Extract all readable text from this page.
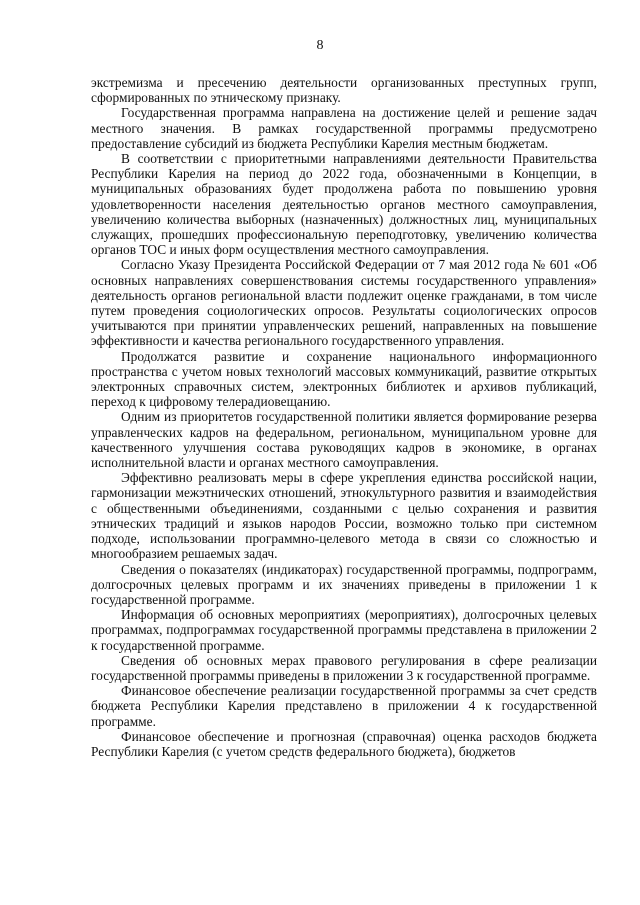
8

экстремизма и пресечению деятельности организованных преступных групп, сформированных по этническому признаку.

Государственная программа направлена на достижение целей и решение задач местного значения. В рамках государственной программы предусмотрено предоставление субсидий из бюджета Республики Карелия местным бюджетам.

В соответствии с приоритетными направлениями деятельности Правительства Республики Карелия на период до 2022 года, обозначенными в Концепции, в муниципальных образованиях будет продолжена работа по повышению уровня удовлетворенности населения деятельностью органов местного самоуправления, увеличению количества выборных (назначенных) должностных лиц, муниципальных служащих, прошедших профессиональную переподготовку, увеличению количества органов ТОС и иных форм осуществления местного самоуправления.

Согласно Указу Президента Российской Федерации от 7 мая 2012 года № 601 «Об основных направлениях совершенствования системы государственного управления» деятельность органов региональной власти подлежит оценке гражданами, в том числе путем проведения социологических опросов. Результаты социологических опросов учитываются при принятии управленческих решений, направленных на повышение эффективности и качества регионального государственного управления.

Продолжатся развитие и сохранение национального информационного пространства с учетом новых технологий массовых коммуникаций, развитие открытых электронных справочных систем, электронных библиотек и архивов публикаций, переход к цифровому телерадиовещанию.

Одним из приоритетов государственной политики является формирование резерва управленческих кадров на федеральном, региональном, муниципальном уровне для качественного улучшения состава руководящих кадров в экономике, в органах исполнительной власти и органах местного самоуправления.

Эффективно реализовать меры в сфере укрепления единства российской нации, гармонизации межэтнических отношений, этнокультурного развития и взаимодействия с общественными объединениями, созданными с целью сохранения и развития этнических традиций и языков народов России, возможно только при системном подходе, использовании программно-целевого метода в связи со сложностью и многообразием решаемых задач.

Сведения о показателях (индикаторах) государственной программы, подпрограмм, долгосрочных целевых программ и их значениях приведены в приложении 1 к государственной программе.

Информация об основных мероприятиях (мероприятиях), долгосрочных целевых программах, подпрограммах государственной программы представлена в приложении 2 к государственной программе.

Сведения об основных мерах правового регулирования в сфере реализации государственной программы приведены в приложении 3 к государственной программе.

Финансовое обеспечение реализации государственной программы за счет средств бюджета Республики Карелия представлено в приложении 4 к государственной программе.

Финансовое обеспечение и прогнозная (справочная) оценка расходов бюджета Республики Карелия (с учетом средств федерального бюджета), бюджетов
